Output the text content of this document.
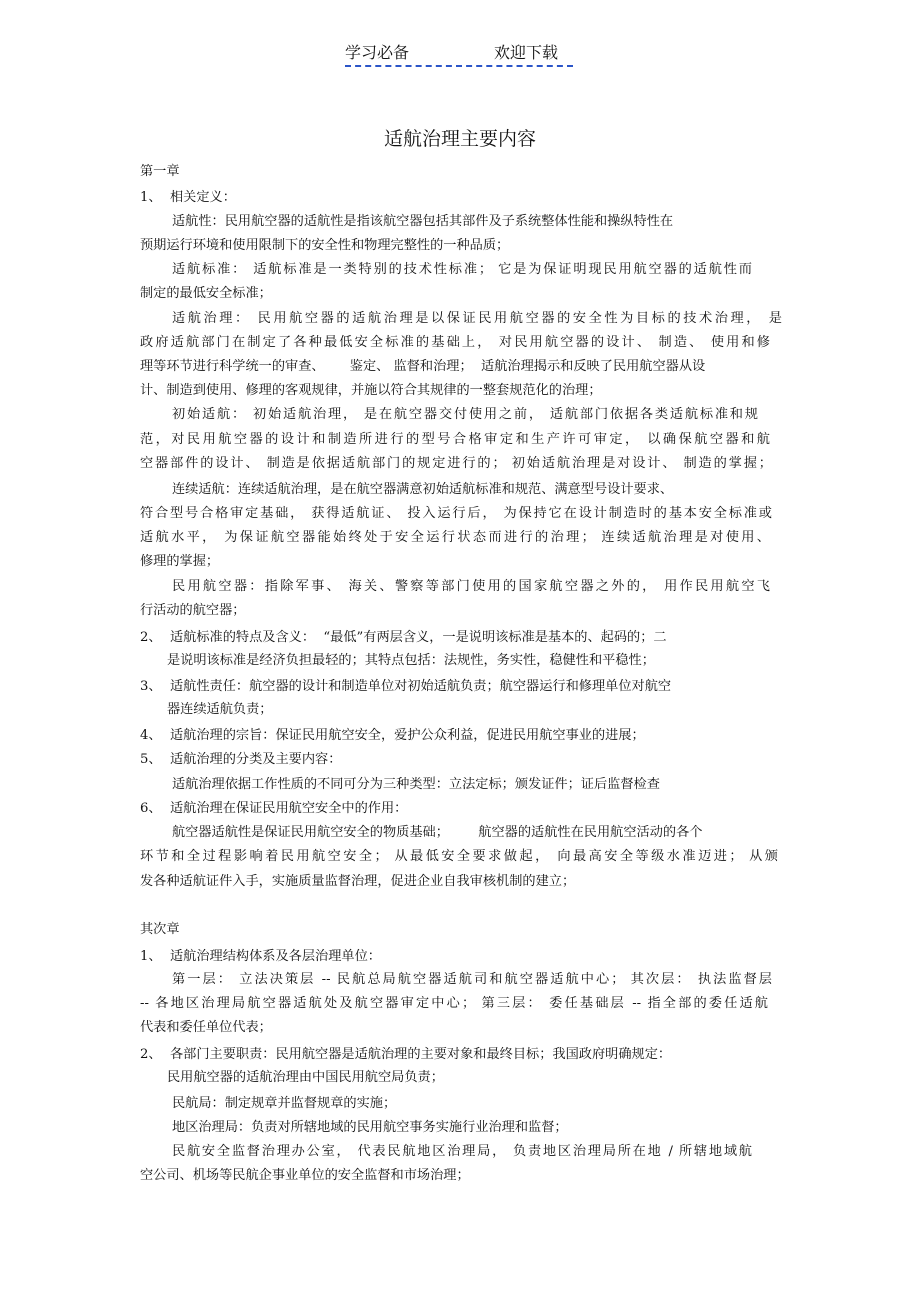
学习必备	欢迎下载
适航治理主要内容
第一章
1、  相关定义：
适航性：民用航空器的适航性是指该航空器包括其部件及子系统整体性能和操纵特性在
预期运行环境和使用限制下的安全性和物理完整性的一种品质；
适航标准： 适航标准是一类特别的技术性标准； 它是为保证明现民用航空器的适航性而
制定的最低安全标准；
适航治理： 民用航空器的适航治理是以保证民用航空器的安全性为目标的技术治理， 是
政府适航部门在制定了各种最低安全标准的基础上， 对民用航空器的设计、 制造、 使用和修
理等环节进行科学统一的审查、      鉴定、 监督和治理；  适航治理揭示和反映了民用航空器从设
计、制造到使用、修理的客观规律，并施以符合其规律的一整套规范化的治理；
初始适航： 初始适航治理， 是在航空器交付使用之前， 适航部门依据各类适航标准和规
范，对民用航空器的设计和制造所进行的型号合格审定和生产许可审定， 以确保航空器和航
空器部件的设计、 制造是依据适航部门的规定进行的； 初始适航治理是对设计、 制造的掌握；
连续适航：连续适航治理，是在航空器满意初始适航标准和规范、满意型号设计要求、
符合型号合格审定基础， 获得适航证、 投入运行后， 为保持它在设计制造时的基本安全标准或
适航水平， 为保证航空器能始终处于安全运行状态而进行的治理； 连续适航治理是对使用、
修理的掌握；
民用航空器：指除军事、 海关、警察等部门使用的国家航空器之外的， 用作民用航空飞
行活动的航空器；
2、  适航标准的特点及含义：  “最低”有两层含义，一是说明该标准是基本的、起码的；二
是说明该标准是经济负担最轻的；其特点包括：法规性，务实性，稳健性和平稳性；
3、  适航性责任：航空器的设计和制造单位对初始适航负责；航空器运行和修理单位对航空
器连续适航负责；
4、  适航治理的宗旨：保证民用航空安全，爱护公众利益，促进民用航空事业的进展；
5、  适航治理的分类及主要内容：
适航治理依据工作性质的不同可分为三种类型：立法定标；颁发证件；证后监督检查
6、  适航治理在保证民用航空安全中的作用：
航空器适航性是保证民用航空安全的物质基础；       航空器的适航性在民用航空活动的各个
环节和全过程影响着民用航空安全； 从最低安全要求做起， 向最高安全等级水准迈进； 从颁
发各种适航证件入手，实施质量监督治理，促进企业自我审核机制的建立；
其次章
1、  适航治理结构体系及各层治理单位：
第一层： 立法决策层 -- 民航总局航空器适航司和航空器适航中心； 其次层： 执法监督层
-- 各地区治理局航空器适航处及航空器审定中心； 第三层： 委任基础层 -- 指全部的委任适航
代表和委任单位代表；
2、  各部门主要职责：民用航空器是适航治理的主要对象和最终目标；我国政府明确规定：
民用航空器的适航治理由中国民用航空局负责；
民航局：制定规章并监督规章的实施；
地区治理局：负责对所辖地域的民用航空事务实施行业治理和监督；
民航安全监督治理办公室， 代表民航地区治理局， 负责地区治理局所在地 / 所辖地域航
空公司、机场等民航企事业单位的安全监督和市场治理；
